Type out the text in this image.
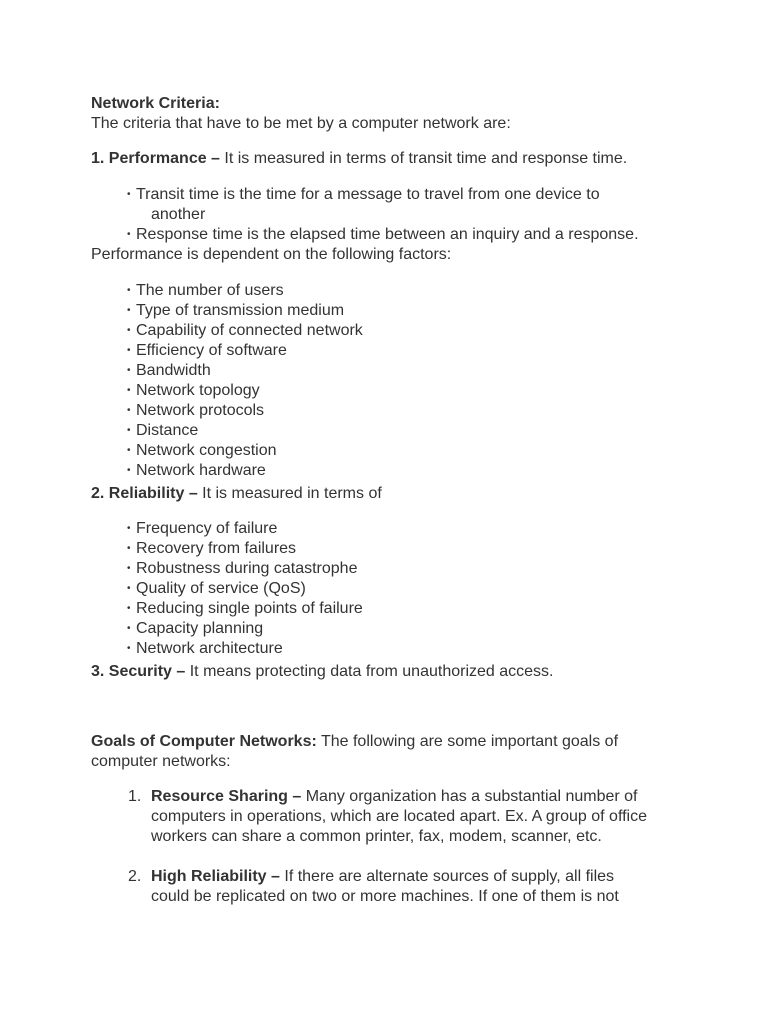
Network Criteria:

The criteria that have to be met by a computer network are:

1. Performance – It is measured in terms of transit time and response time.

• Transit time is the time for a message to travel from one device to
another
• Response time is the elapsed time between an inquiry and a response.

Performance is dependent on the following factors:

• The number of users
• Type of transmission medium
• Capability of connected network
• Efficiency of software
• Bandwidth
• Network topology
• Network protocols
• Distance
• Network congestion
• Network hardware

2. Reliability – It is measured in terms of

• Frequency of failure
• Recovery from failures
• Robustness during catastrophe
• Quality of service (QoS)
• Reducing single points of failure
• Capacity planning
• Network architecture

3. Security – It means protecting data from unauthorized access.

Goals of Computer Networks: The following are some important goals of
computer networks:

1. Resource Sharing – Many organization has a substantial number of
computers in operations, which are located apart. Ex. A group of office
workers can share a common printer, fax, modem, scanner, etc.
2. High Reliability – If there are alternate sources of supply, all files
could be replicated on two or more machines. If one of them is not
